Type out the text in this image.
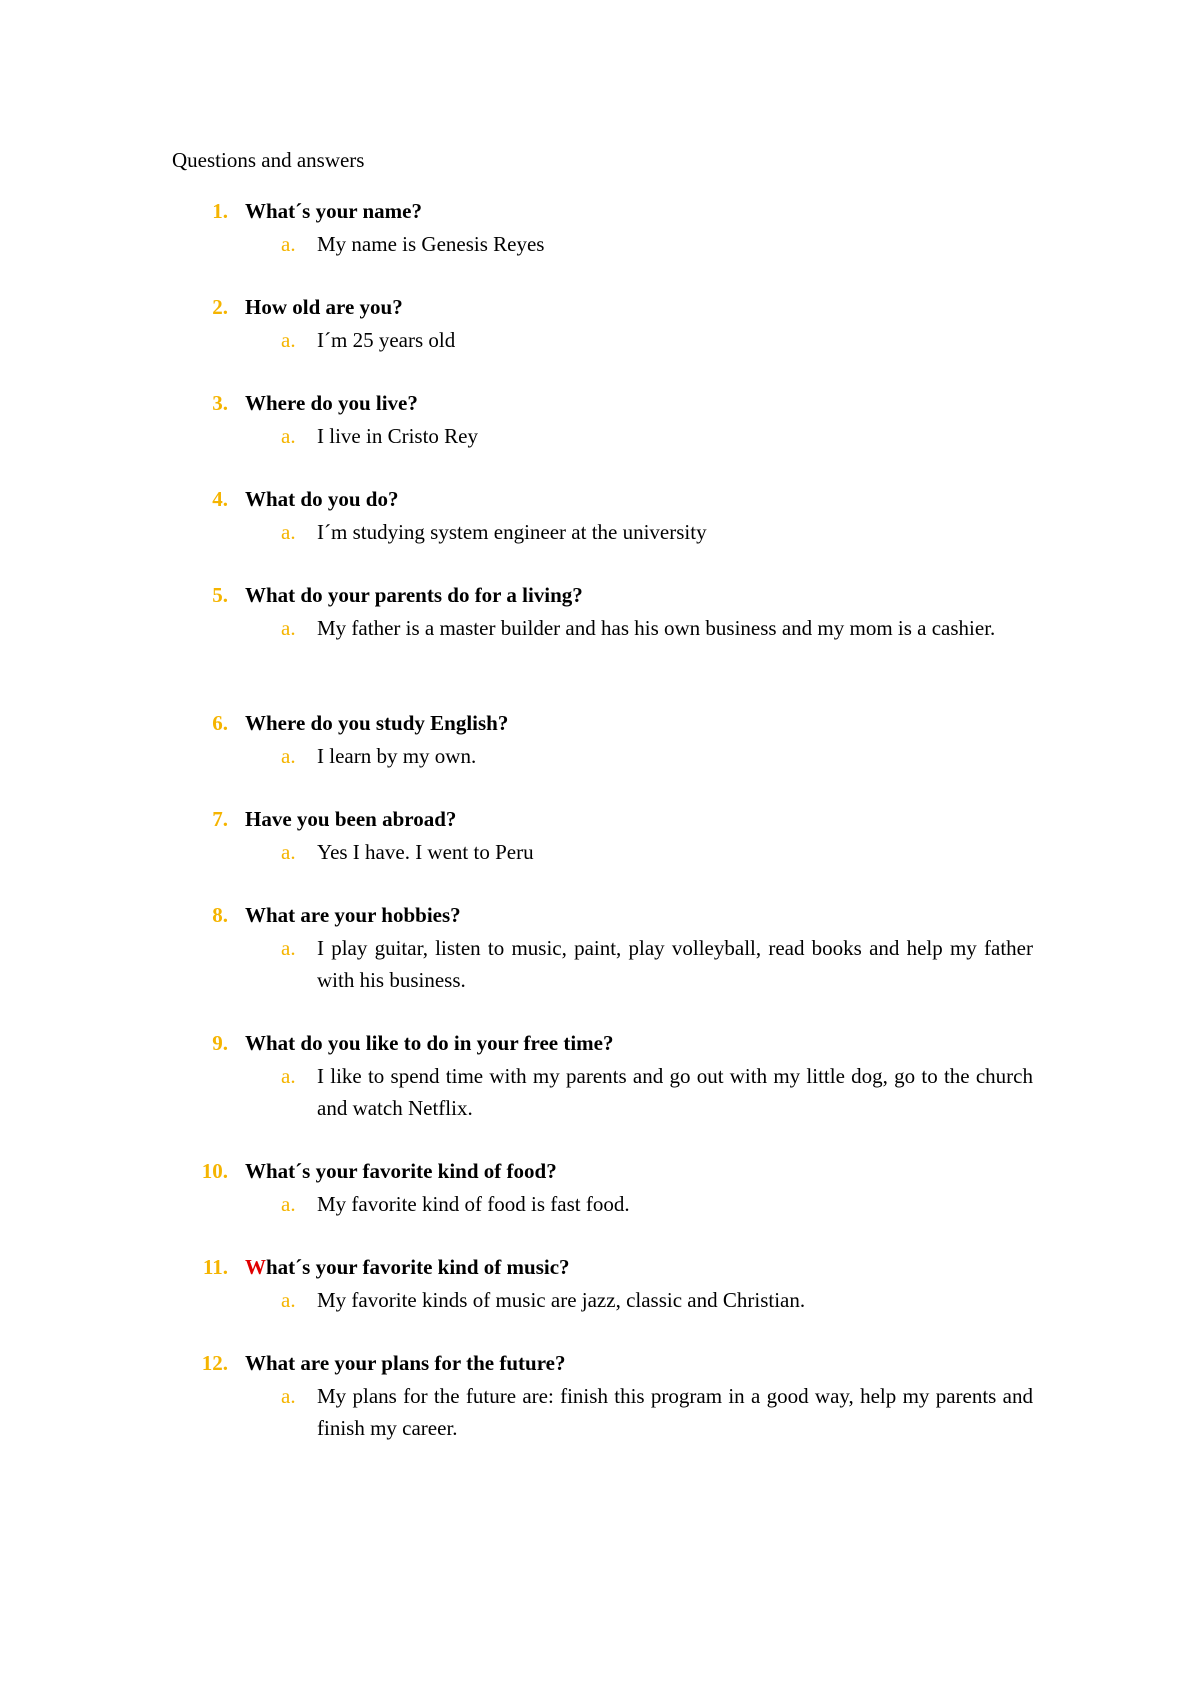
Questions and answers
1. What´s your name?
a. My name is Genesis Reyes
2. How old are you?
a. I´m 25 years old
3. Where do you live?
a. I live in Cristo Rey
4. What do you do?
a. I´m studying system engineer at the university
5. What do your parents do for a living?
a. My father is a master builder and has his own business and my mom is a cashier.
6. Where do you study English?
a. I learn by my own.
7. Have you been abroad?
a. Yes I have. I went to Peru
8. What are your hobbies?
a. I play guitar, listen to music, paint, play volleyball, read books and help my father with his business.
9. What do you like to do in your free time?
a. I like to spend time with my parents and go out with my little dog, go to the church and watch Netflix.
10. What´s your favorite kind of food?
a. My favorite kind of food is fast food.
11. What´s your favorite kind of music?
a. My favorite kinds of music are jazz, classic and Christian.
12. What are your plans for the future?
a. My plans for the future are: finish this program in a good way, help my parents and finish my career.
